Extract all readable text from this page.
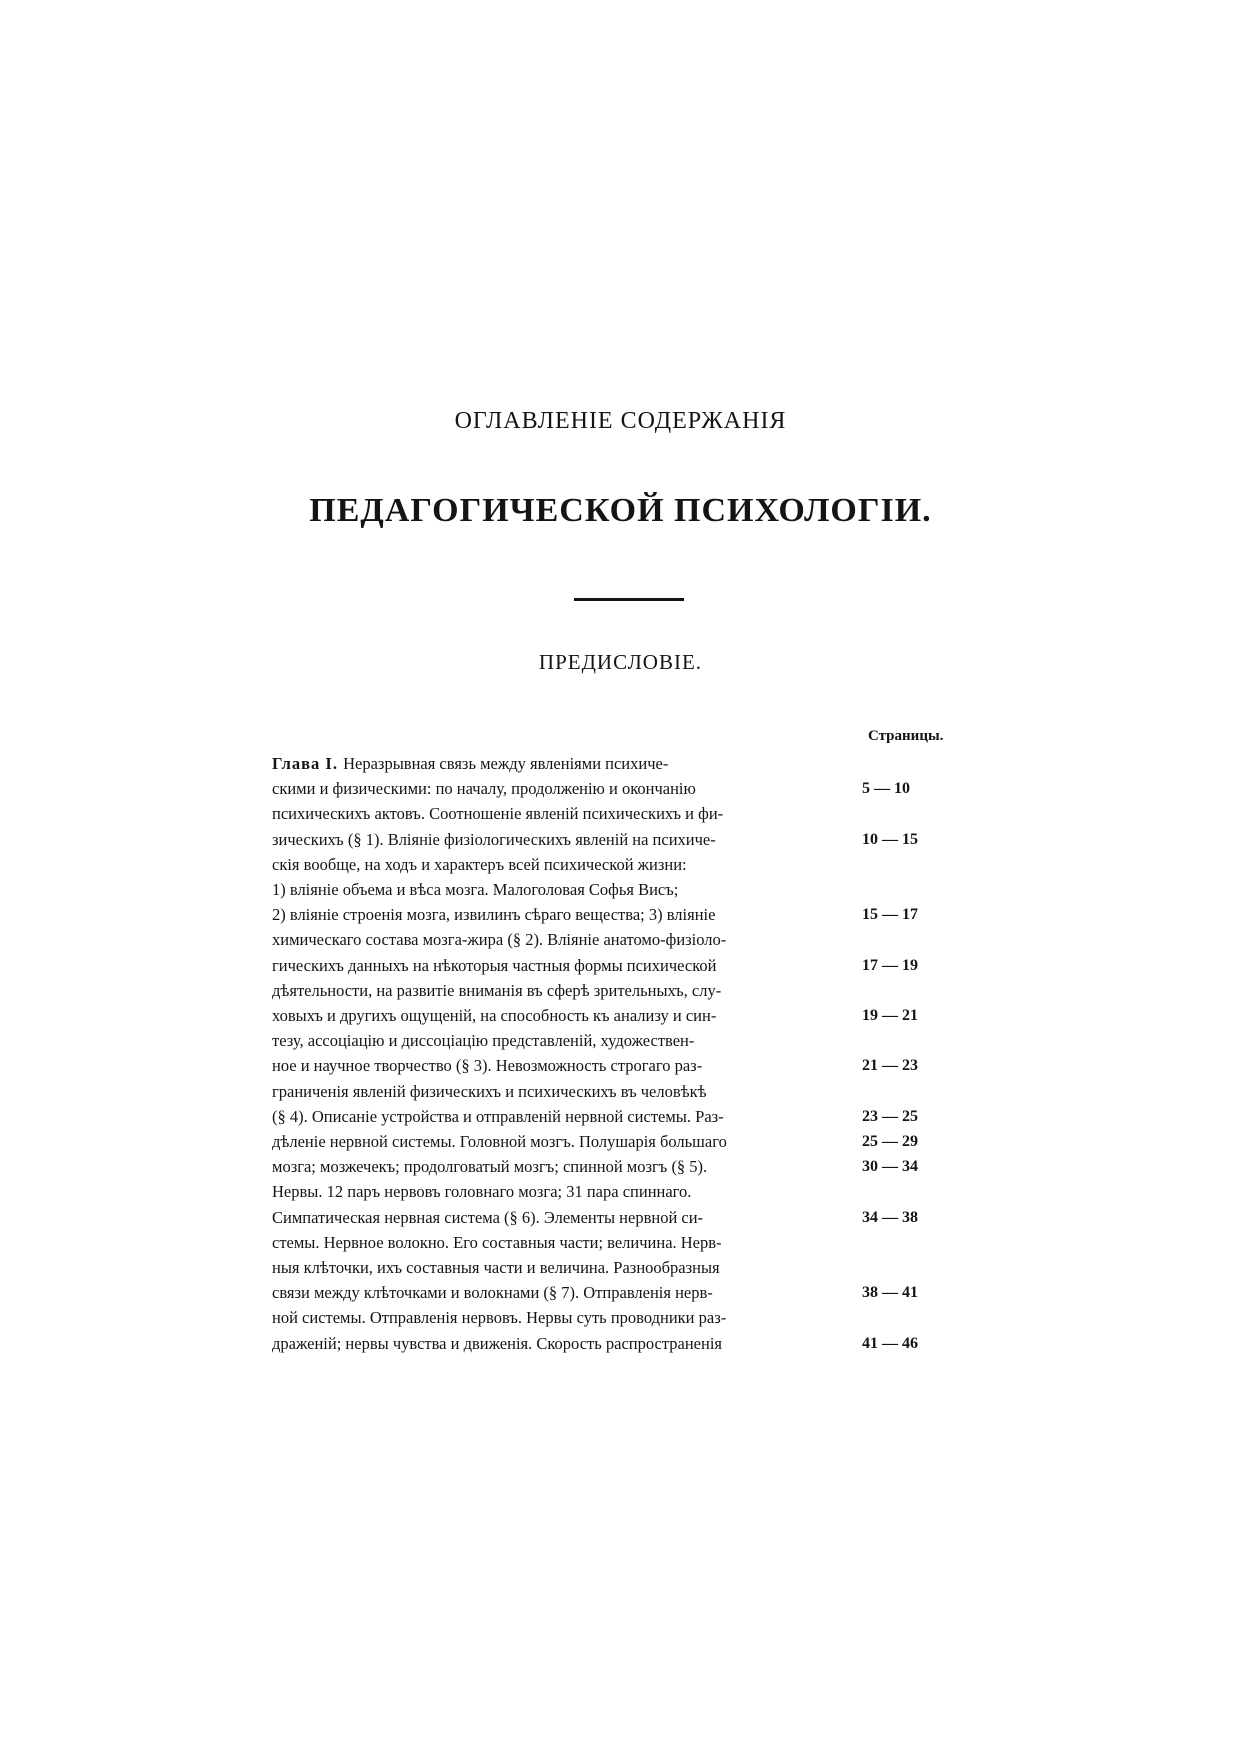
ОГЛАВЛЕНІЕ СОДЕРЖАНІЯ
ПЕДАГОГИЧЕСКОЙ ПСИХОЛОГІИ.
ПРЕДИСЛОВІЕ.
Страницы.
Глава I. Неразрывная связь между явленіями психиче-
скими и физическими: по началу, продолженію и окончанію	5 — 10
психическихъ актовъ. Соотношеніе явленій психическихъ и фи-
зическихъ (§ 1). Вліяніе физіологическихъ явленій на психиче-	10 — 15
скія вообще, на ходъ и характеръ всей психической жизни:
1) вліяніе объема и вѣса мозга. Малоголовая Софья Висъ;
2) вліяніе строенія мозга, извилинъ сѣраго вещества; 3) вліяніе	15 — 17
химическаго состава мозга-жира (§ 2). Вліяніе анатомо-физіоло-
гическихъ данныхъ на нѣкоторыя частныя формы психической	17 — 19
дѣятельности, на развитіе вниманія въ сферѣ зрительныхъ, слу-
ховыхъ и другихъ ощущеній, на способность къ анализу и син-	19 — 21
тезу, ассоціацію и диссоціацію представленій, художествен-
ное и научное творчество (§ 3). Невозможность строгаго раз-	21 — 23
граниченія явленій физическихъ и психическихъ въ человѣкѣ
(§ 4). Описаніе устройства и отправленій нервной системы. Раз-	23 — 25
дѣленіе нервной системы. Головной мозгъ. Полушарія большаго	25 — 29
мозга; мозжечекъ; продолговатый мозгъ; спинной мозгъ (§ 5).	30 — 34
Нервы. 12 паръ нервовъ головнаго мозга; 31 пара спиннаго.
Симпатическая нервная система (§ 6). Элементы нервной си-	34 — 38
стемы. Нервное волокно. Его составныя части; величина. Нерв-
ныя клѣточки, ихъ составныя части и величина. Разнообразныя
связи между клѣточками и волокнами (§ 7). Отправленія нерв-	38 — 41
ной системы. Отправленія нервовъ. Нервы суть проводники раз-
драженій; нервы чувства и движенія. Скорость распространенія	41 — 46
